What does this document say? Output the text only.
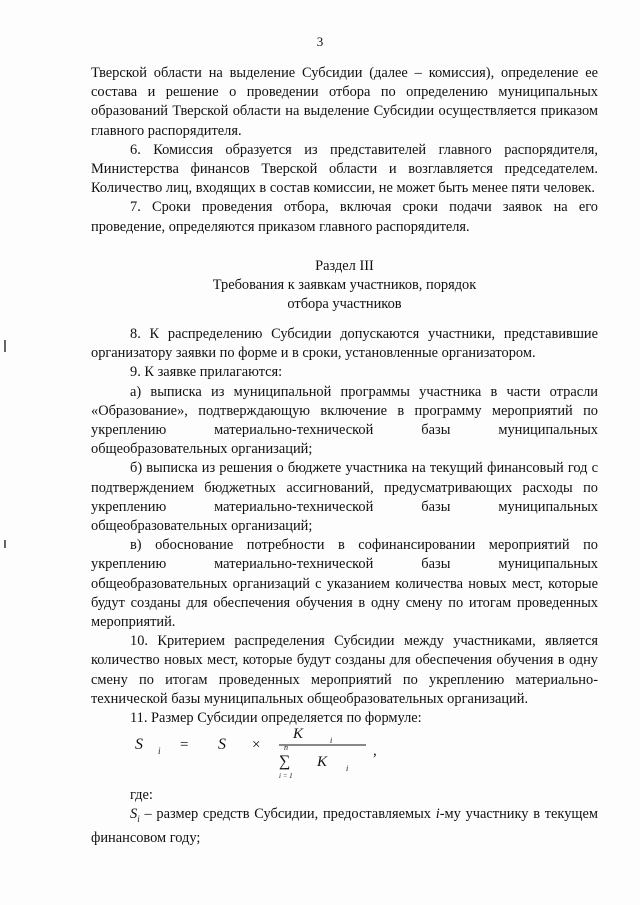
3

Тверской области на выделение Субсидии (далее – комиссия), определение ее состава и решение о проведении отбора по определению муниципальных образований Тверской области на выделение Субсидии осуществляется приказом главного распорядителя.

6. Комиссия образуется из представителей главного распорядителя, Министерства финансов Тверской области и возглавляется председателем. Количество лиц, входящих в состав комиссии, не может быть менее пяти человек.

7. Сроки проведения отбора, включая сроки подачи заявок на его проведение, определяются приказом главного распорядителя.

Раздел III

Требования к заявкам участников, порядок

отбора участников

8. К распределению Субсидии допускаются участники, представившие организатору заявки по форме и в сроки, установленные организатором.

9. К заявке прилагаются:

а) выписка из муниципальной программы участника в части отрасли «Образование», подтверждающую включение в программу мероприятий по укреплению материально-технической базы муниципальных общеобразовательных организаций;

б) выписка из решения о бюджете участника на текущий финансовый год с подтверждением бюджетных ассигнований, предусматривающих расходы по укреплению материально-технической базы муниципальных общеобразовательных организаций;

в) обоснование потребности в софинансировании мероприятий по укреплению материально-технической базы муниципальных общеобразовательных организаций с указанием количества новых мест, которые будут созданы для обеспечения обучения в одну смену по итогам проведенных мероприятий.

10. Критерием распределения Субсидии между участниками, является количество новых мест, которые будут созданы для обеспечения обучения в одну смену по итогам проведенных мероприятий по укреплению материально-технической базы муниципальных общеобразовательных организаций.

11. Размер Субсидии определяется по формуле:

S i = S ×
K	i
n
∑
i = 1
K i
,

где:

$S_i$ – размер средств Субсидии, предоставляемых i-му участнику в текущем финансовом году;
